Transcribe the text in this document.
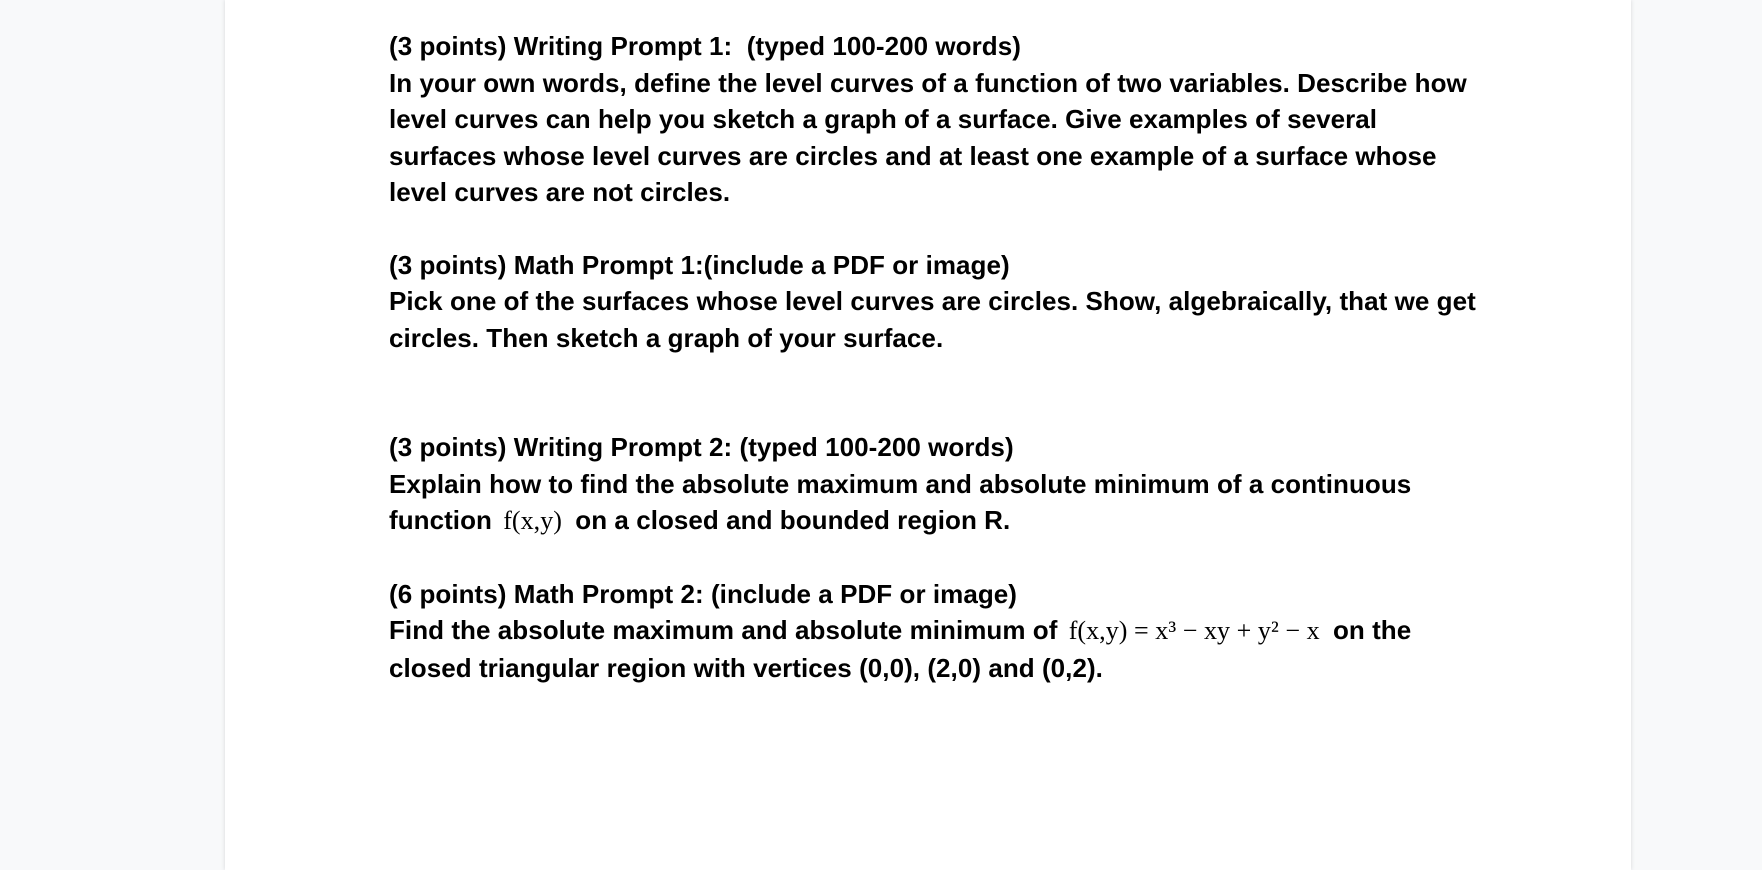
(3 points) Writing Prompt 1:  (typed 100-200 words)

In your own words, define the level curves of a function of two variables. Describe how level curves can help you sketch a graph of a surface. Give examples of several surfaces whose level curves are circles and at least one example of a surface whose level curves are not circles.

(3 points) Math Prompt 1:(include a PDF or image)

Pick one of the surfaces whose level curves are circles. Show, algebraically, that we get circles. Then sketch a graph of your surface.

(3 points) Writing Prompt 2: (typed 100-200 words)

Explain how to find the absolute maximum and absolute minimum of a continuous function f(x,y) on a closed and bounded region R.

(6 points) Math Prompt 2: (include a PDF or image)

Find the absolute maximum and absolute minimum of f(x,y) = x³ − xy + y² − x on the closed triangular region with vertices (0,0), (2,0) and (0,2).
